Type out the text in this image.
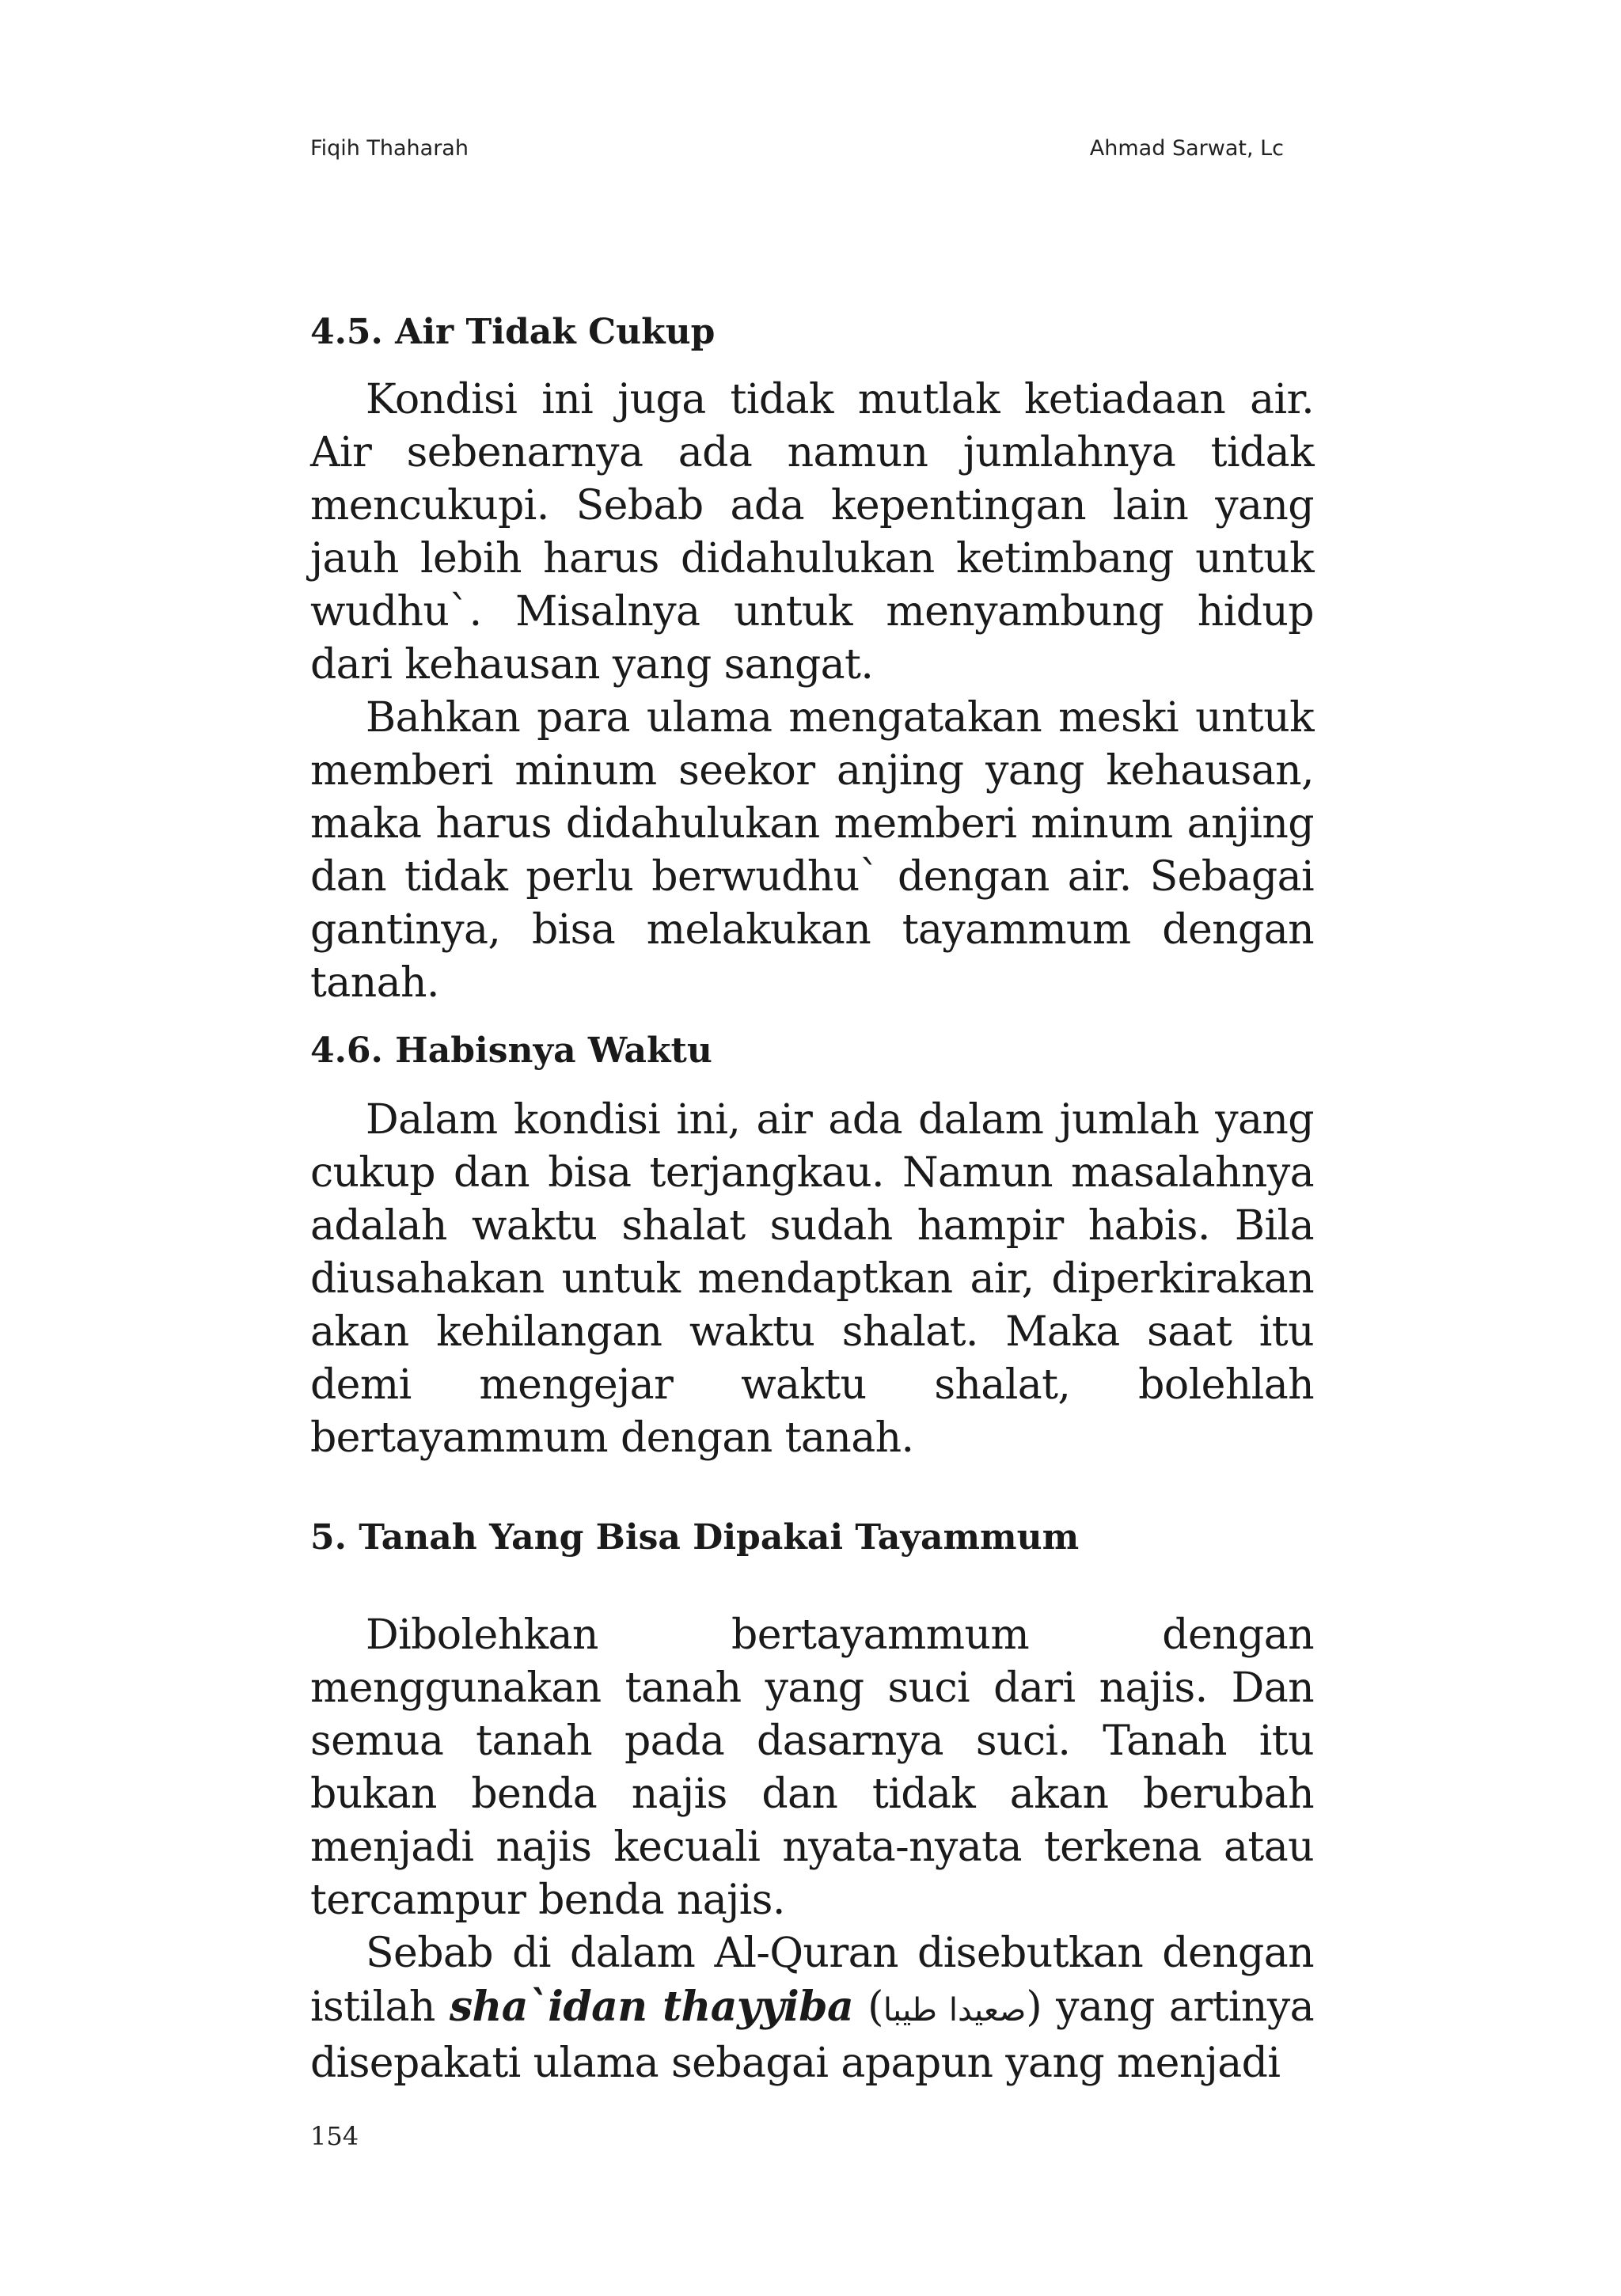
Fiqih Thaharah	Ahmad Sarwat, Lc
4.5. Air Tidak Cukup

Kondisi ini juga tidak mutlak ketiadaan air. Air sebenarnya ada namun jumlahnya tidak mencukupi. Sebab ada kepentingan lain yang jauh lebih harus didahulukan ketimbang untuk wudhu`. Misalnya untuk menyambung hidup dari kehausan yang sangat.

Bahkan para ulama mengatakan meski untuk memberi minum seekor anjing yang kehausan, maka harus didahulukan memberi minum anjing dan tidak perlu berwudhu` dengan air. Sebagai gantinya, bisa melakukan tayammum dengan tanah.

4.6. Habisnya Waktu

Dalam kondisi ini, air ada dalam jumlah yang cukup dan bisa terjangkau. Namun masalahnya adalah waktu shalat sudah hampir habis. Bila diusahakan untuk mendaptkan air, diperkirakan akan kehilangan waktu shalat. Maka saat itu demi mengejar waktu shalat, bolehlah bertayammum dengan tanah.

5. Tanah Yang Bisa Dipakai Tayammum

Dibolehkan bertayammum dengan menggunakan tanah yang suci dari najis. Dan semua tanah pada dasarnya suci. Tanah itu bukan benda najis dan tidak akan berubah menjadi najis kecuali nyata-nyata terkena atau tercampur benda najis.

Sebab di dalam Al-Quran disebutkan dengan istilah sha`idan thayyiba (صعيدا طيبا) yang artinya disepakati ulama sebagai apapun yang menjadi

154
